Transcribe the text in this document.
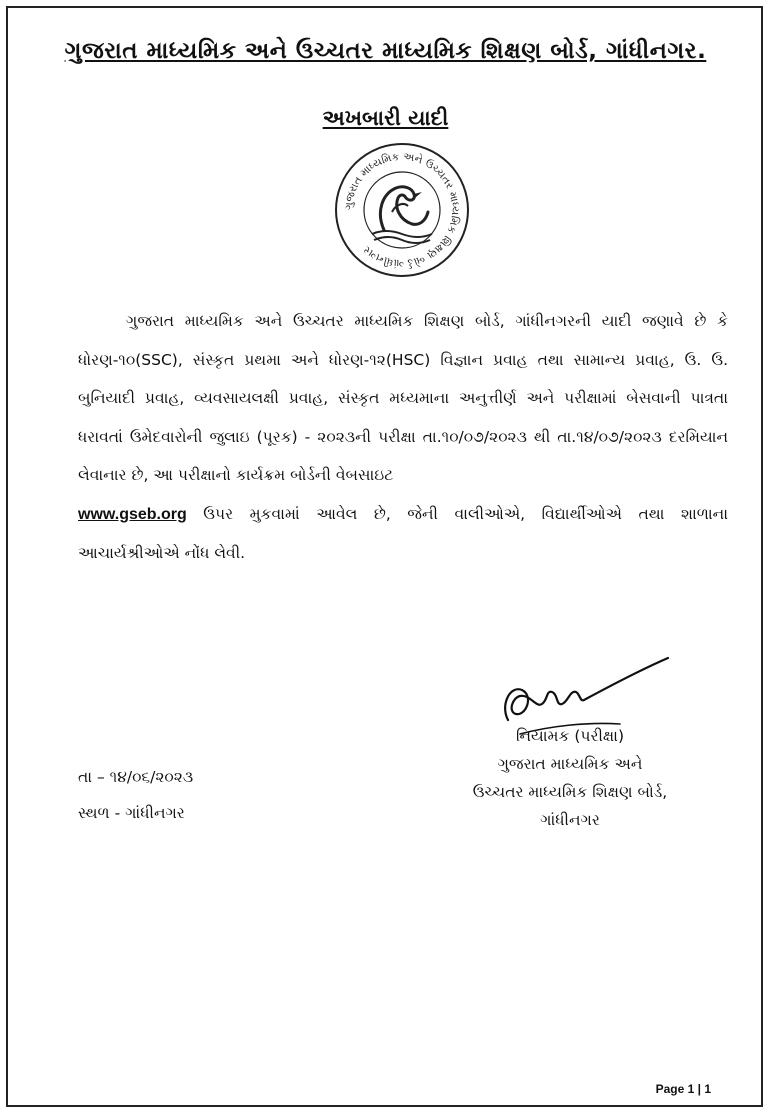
ગુજરાત માધ્યમિક અને ઉચ્ચતર માધ્યમિક શિક્ષણ બોર્ડ, ગાંધીનગર.
અખબારી યાદી
ગુજરાત માધ્યમિક અને ઉચ્ચતર માધ્યમિક શિક્ષણ બોર્ડ ગાંધીનગર
ગુજરાત માધ્યમિક અને ઉચ્ચતર માધ્યમિક શિક્ષણ બોર્ડ, ગાંધીનગરની યાદી જણાવે છે કે ધોરણ-૧૦(SSC), સંસ્કૃત પ્રથમા અને ધોરણ-૧૨(HSC) વિજ્ઞાન પ્રવાહ તથા સામાન્ય પ્રવાહ, ઉ. ઉ. બુનિયાદી પ્રવાહ, વ્યવસાયલક્ષી પ્રવાહ, સંસ્કૃત મધ્યમાના અનુત્તીર્ણ અને પરીક્ષામાં બેસવાની પાત્રતા ધરાવતાં ઉમેદવારોની જુલાઇ (પૂરક) - ૨૦૨૩ની પરીક્ષા તા.૧૦/૦૭/૨૦૨૩ થી તા.૧૪/૦૭/૨૦૨૩ દરમિયાન લેવાનાર છે, આ પરીક્ષાનો કાર્યક્રમ બોર્ડની વેબસાઇટ
www.gseb.org ઉપર મુકવામાં આવેલ છે, જેની વાલીઓએ, વિદ્યાર્થીઓએ તથા શાળાના આચાર્યશ્રીઓએ નોંધ લેવી.
નિયામક (પરીક્ષા)
ગુજરાત માધ્યમિક અને
ઉચ્ચતર માધ્યમિક શિક્ષણ બોર્ડ,
ગાંધીનગર
તા – ૧૪/૦૬/૨૦૨૩
સ્થળ - ગાંધીનગર
Page 1 | 1
